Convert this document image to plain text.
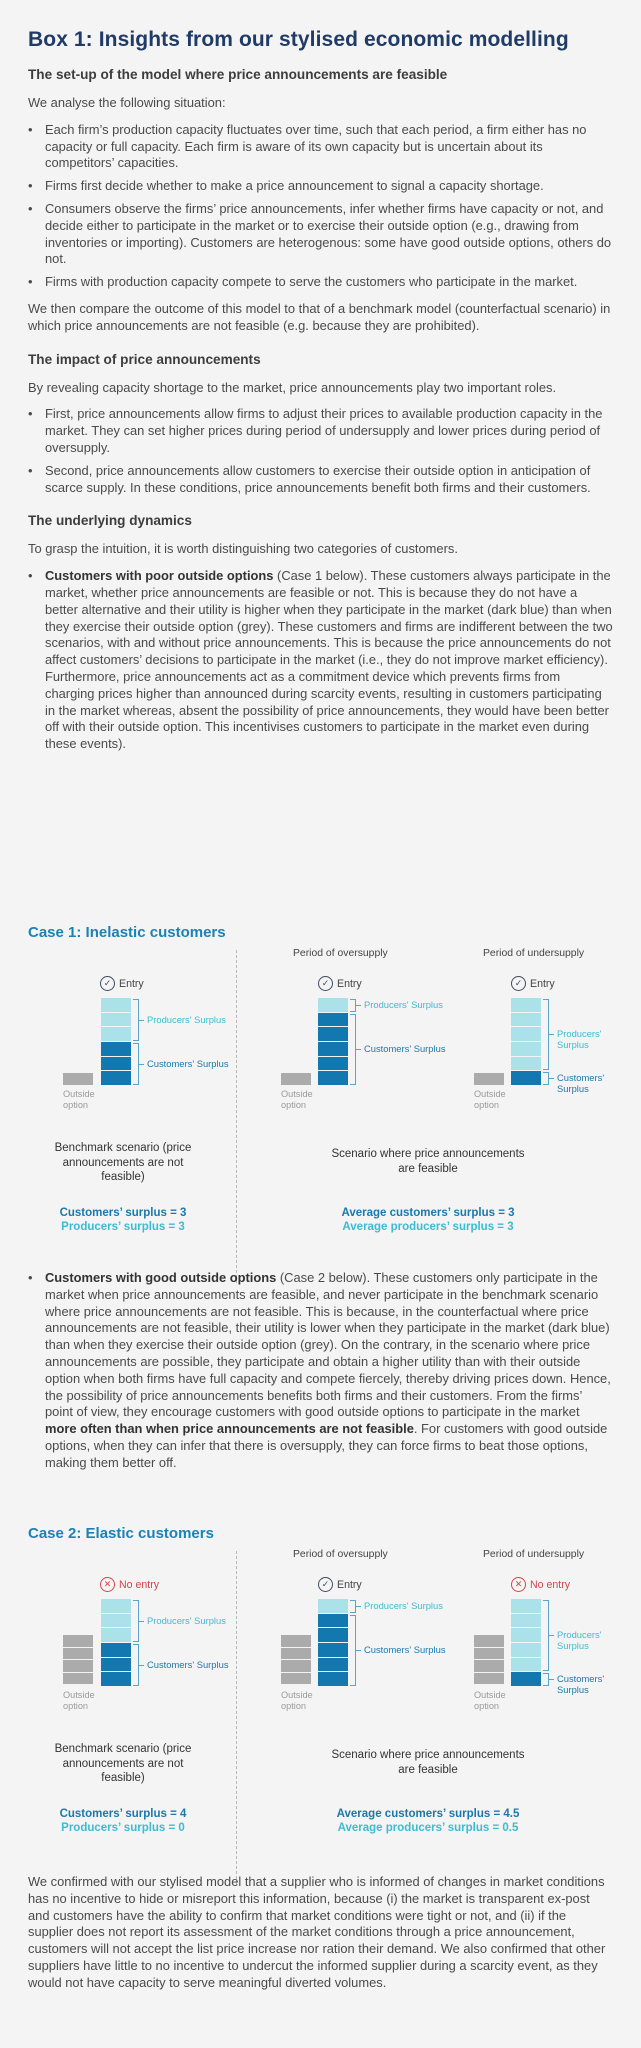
Box 1: Insights from our stylised economic modelling
The set-up of the model where price announcements are feasible

We analyse the following situation:

• Each firm’s production capacity fluctuates over time, such that each period, a firm either has no capacity or full capacity. Each firm is aware of its own capacity but is uncertain about its competitors’ capacities.
• Firms first decide whether to make a price announcement to signal a capacity shortage.
• Consumers observe the firms’ price announcements, infer whether firms have capacity or not, and decide either to participate in the market or to exercise their outside option (e.g., drawing from inventories or importing). Customers are heterogenous: some have good outside options, others do not.
• Firms with production capacity compete to serve the customers who participate in the market.

We then compare the outcome of this model to that of a benchmark model (counterfactual scenario) in which price announcements are not feasible (e.g. because they are prohibited).

The impact of price announcements

By revealing capacity shortage to the market, price announcements play two important roles.

• First, price announcements allow firms to adjust their prices to available production capacity in the market. They can set higher prices during period of undersupply and lower prices during period of oversupply.
• Second, price announcements allow customers to exercise their outside option in anticipation of scarce supply. In these conditions, price announcements benefit both firms and their customers.
The underlying dynamics

To grasp the intuition, it is worth distinguishing two categories of customers.

• Customers with poor outside options (Case 1 below). These customers always participate in the market, whether price announcements are feasible or not. This is because they do not have a better alternative and their utility is higher when they participate in the market (dark blue) than when they exercise their outside option (grey). These customers and firms are indifferent between the two scenarios, with and without price announcements. This is because the price announcements do not affect customers’ decisions to participate in the market (i.e., they do not improve market efficiency). Furthermore, price announcements act as a commitment device which prevents firms from charging prices higher than announced during scarcity events, resulting in customers participating in the market whereas, absent the possibility of price announcements, they would have been better off with their outside option. This incentivises customers to participate in the market even during these events).
Case 1: Inelastic customers
Period of oversupply	Period of undersupply
✓ Entry
Producers' Surplus
Customers' Surplus
Outside option
✓ Entry
Producers' Surplus
Customers' Surplus
Outside option
✓ Entry
Producers' Surplus
Customers' Surplus
Outside option
Benchmark scenario (price announcements are not feasible)
Scenario where price announcements are feasible
Customers’ surplus = 3
Producers’ surplus = 3
Average customers’ surplus = 3
Average producers’ surplus = 3
• Customers with good outside options (Case 2 below). These customers only participate in the market when price announcements are feasible, and never participate in the benchmark scenario where price announcements are not feasible. This is because, in the counterfactual where price announcements are not feasible, their utility is lower when they participate in the market (dark blue) than when they exercise their outside option (grey). On the contrary, in the scenario where price announcements are possible, they participate and obtain a higher utility than with their outside option when both firms have full capacity and compete fiercely, thereby driving prices down. Hence, the possibility of price announcements benefits both firms and their customers. From the firms’ point of view, they encourage customers with good outside options to participate in the market more often than when price announcements are not feasible. For customers with good outside options, when they can infer that there is oversupply, they can force firms to beat those options, making them better off.
Case 2: Elastic customers
Period of oversupply	Period of undersupply
✕ No entry
Producers' Surplus
Customers' Surplus
Outside option
✓ Entry
Producers' Surplus
Customers' Surplus
Outside option
✕ No entry
Producers' Surplus
Customers' Surplus
Outside option
Benchmark scenario (price announcements are not feasible)
Scenario where price announcements are feasible
Customers’ surplus = 4
Producers’ surplus = 0
Average customers’ surplus = 4.5
Average producers’ surplus = 0.5

We confirmed with our stylised model that a supplier who is informed of changes in market conditions has no incentive to hide or misreport this information, because (i) the market is transparent ex-post and customers have the ability to confirm that market conditions were tight or not, and (ii) if the supplier does not report its assessment of the market conditions through a price announcement, customers will not accept the list price increase nor ration their demand. We also confirmed that other suppliers have little to no incentive to undercut the informed supplier during a scarcity event, as they would not have capacity to serve meaningful diverted volumes.
